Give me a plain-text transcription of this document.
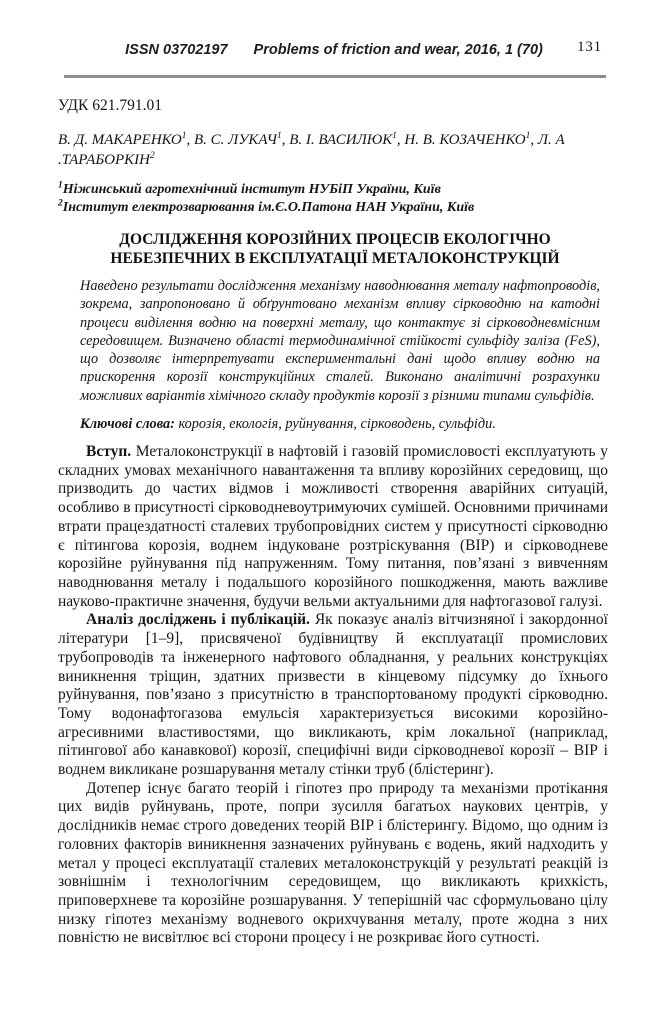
ISSN 03702197 Problems of friction and wear, 2016, 1 (70) 131
УДК 621.791.01

В. Д. МАКАРЕНКО$^1$, В. С. ЛУКАЧ$^1$, В. І. ВАСИЛЮК$^1$, Н. В. КОЗАЧЕНКО$^1$, Л. А .ТАРАБОРКІН$^2$

$^1$Ніжинський агротехнічний інститут НУБіП України, Київ
$^2$Інститут електрозварювання ім.Є.О.Патона НАН України, Київ
ДОСЛІДЖЕННЯ КОРОЗІЙНИХ ПРОЦЕСІВ ЕКОЛОГІЧНО НЕБЕЗПЕЧНИХ В ЕКСПЛУАТАЦІЇ МЕТАЛОКОНСТРУКЦІЙ

Наведено результати дослідження механізму наводнювання металу нафтопроводів, зокрема, запропоновано й обґрунтовано механізм впливу сірководню на катодні процеси виділення водню на поверхні металу, що контактує зі сірководневмісним середовищем. Визначено області термодинамічної стійкості сульфіду заліза (FeS), що дозволяє інтерпретувати експериментальні дані щодо впливу водню на прискорення корозії конструкційних сталей. Виконано аналітичні розрахунки можливих варіантів хімічного складу продуктів корозії з різними типами сульфідів.

Ключові слова: корозія, екологія, руйнування, сірководень, сульфіди.

Вступ. Металоконструкції в нафтовій і газовій промисловості експлуатують у складних умовах механічного навантаження та впливу корозійних середовищ, що призводить до частих відмов і можливості створення аварійних ситуацій, особливо в присутності сірководневоутримуючих сумішей. Основними причинами втрати працездатності сталевих трубопровідних систем у присутності сірководню є пітингова корозія, воднем індуковане розтріскування (ВІР) и сірководневе корозійне руйнування під напруженням. Тому питання, пов’язані з вивченням наводнювання металу і подальшого корозійного пошкодження, мають важливе науково-практичне значення, будучи вельми актуальними для нафтогазової галузі.

Аналіз досліджень і публікацій. Як показує аналіз вітчизняної і закордонної літератури [1–9], присвяченої будівництву й експлуатації промислових трубопроводів та інженерного нафтового обладнання, у реальних конструкціях виникнення тріщин, здатних призвести в кінцевому підсумку до їхнього руйнування, пов’язано з присутністю в транспортованому продукті сірководню. Тому водонафтогазова емульсія характеризується високими корозійно-агресивними властивостями, що викликають, крім локальної (наприклад, пітингової або канавкової) корозії, специфічні види сірководневої корозії – ВІР і воднем викликане розшарування металу стінки труб (блістеринг).

Дотепер існує багато теорій і гіпотез про природу та механізми протікання цих видів руйнувань, проте, попри зусилля багатьох наукових центрів, у дослідників немає строго доведених теорій ВІР і блістерингу. Відомо, що одним із головних факторів виникнення зазначених руйнувань є водень, який надходить у метал у процесі експлуатації сталевих металоконструкцій у результаті реакцій із зовнішнім і технологічним середовищем, що викликають крихкість, приповерхневе та корозійне розшарування. У теперішній час сформульовано цілу низку гіпотез механізму водневого окрихчування металу, проте жодна з них повністю не висвітлює всі сторони процесу і не розкриває його сутності.
